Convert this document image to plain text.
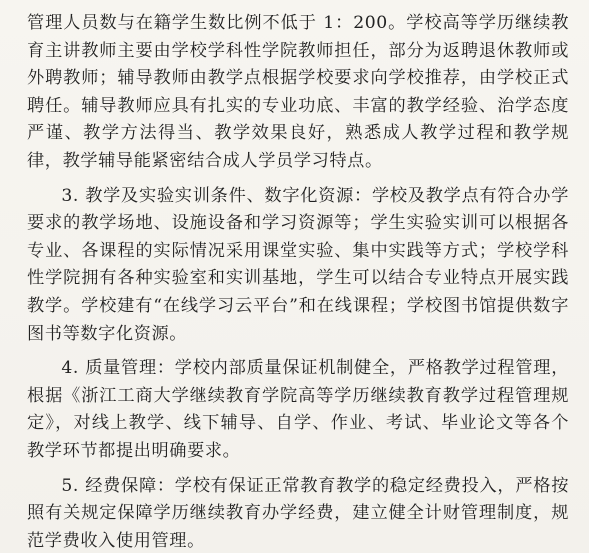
管理人员数与在籍学生数比例不低于 1：200。学校高等学历继续教育主讲教师主要由学校学科性学院教师担任，部分为返聘退休教师或外聘教师；辅导教师由教学点根据学校要求向学校推荐，由学校正式聘任。辅导教师应具有扎实的专业功底、丰富的教学经验、治学态度严谨、教学方法得当、教学效果良好，熟悉成人教学过程和教学规律，教学辅导能紧密结合成人学员学习特点。

3. 教学及实验实训条件、数字化资源：学校及教学点有符合办学要求的教学场地、设施设备和学习资源等；学生实验实训可以根据各专业、各课程的实际情况采用课堂实验、集中实践等方式；学校学科性学院拥有各种实验室和实训基地，学生可以结合专业特点开展实践教学。学校建有“在线学习云平台”和在线课程；学校图书馆提供数字图书等数字化资源。

4. 质量管理：学校内部质量保证机制健全，严格教学过程管理，根据《浙江工商大学继续教育学院高等学历继续教育教学过程管理规定》，对线上教学、线下辅导、自学、作业、考试、毕业论文等各个教学环节都提出明确要求。

5. 经费保障：学校有保证正常教育教学的稳定经费投入，严格按照有关规定保障学历继续教育办学经费，建立健全计财管理制度，规范学费收入使用管理。
